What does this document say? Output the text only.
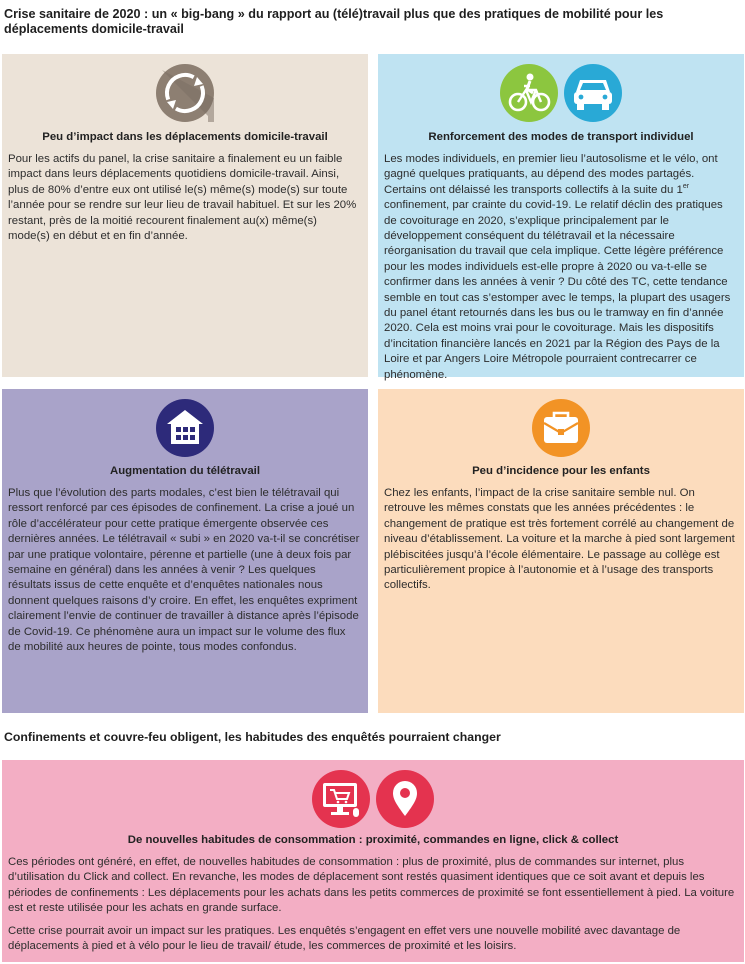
Crise sanitaire de 2020 : un « big-bang » du rapport au (télé)travail plus que des pratiques de mobilité pour les déplacements domicile-travail
Peu d’impact dans les déplacements domicile-travail
Pour les actifs du panel, la crise sanitaire a finalement eu un faible impact dans leurs déplacements quotidiens domicile-travail. Ainsi, plus de 80% d’entre eux ont utilisé le(s) même(s) mode(s) sur toute l’année pour se rendre sur leur lieu de travail habituel. Et sur les 20% restant, près de la moitié recourent finalement au(x) même(s) mode(s) en début et en fin d’année.
Renforcement des modes de transport individuel
Les modes individuels, en premier lieu l’autosolisme et le vélo, ont gagné quelques pratiquants, au dépend des modes partagés. Certains ont délaissé les transports collectifs à la suite du 1er confinement, par crainte du covid-19. Le relatif déclin des pratiques de covoiturage en 2020, s’explique principalement par le développement conséquent du télétravail et la nécessaire réorganisation du travail que cela implique. Cette légère préférence pour les modes individuels est-elle propre à 2020 ou va-t-elle se confirmer dans les années à venir ? Du côté des TC, cette tendance semble en tout cas s’estomper avec le temps, la plupart des usagers du panel étant retournés dans les bus ou le tramway en fin d’année 2020. Cela est moins vrai pour le covoiturage. Mais les dispositifs d’incitation financière lancés en 2021 par la Région des Pays de la Loire et par Angers Loire Métropole pourraient contrecarrer ce phénomène.
Augmentation du télétravail
Plus que l’évolution des parts modales, c’est bien le télétravail qui ressort renforcé par ces épisodes de confinement. La crise a joué un rôle d’accélérateur pour cette pratique émergente observée ces dernières années. Le télétravail « subi » en 2020 va-t-il se concrétiser par une pratique volontaire, pérenne et partielle (une à deux fois par semaine en général) dans les années à venir ? Les quelques résultats issus de cette enquête et d’enquêtes nationales nous donnent quelques raisons d’y croire. En effet, les enquêtes expriment clairement l’envie de continuer de travailler à distance après l’épisode de Covid-19. Ce phénomène aura un impact sur le volume des flux de mobilité aux heures de pointe, tous modes confondus.
Peu d’incidence pour les enfants
Chez les enfants, l’impact de la crise sanitaire semble nul. On retrouve les mêmes constats que les années précédentes : le changement de pratique est très fortement corrélé au changement de niveau d’établissement. La voiture et la marche à pied sont largement plébiscitées jusqu’à l’école élémentaire. Le passage au collège est particulièrement propice à l’autonomie et à l’usage des transports collectifs.
Confinements et couvre-feu obligent, les habitudes des enquêtés pourraient changer
De nouvelles habitudes de consommation : proximité, commandes en ligne, click & collect

Ces périodes ont généré, en effet, de nouvelles habitudes de consommation : plus de proximité, plus de commandes sur internet, plus d’utilisation du Click and collect. En revanche, les modes de déplacement sont restés quasiment identiques que ce soit avant et depuis les périodes de confinements : Les déplacements pour les achats dans les petits commerces de proximité se font essentiellement à pied. La voiture est et reste utilisée pour les achats en grande surface.

Cette crise pourrait avoir un impact sur les pratiques. Les enquêtés s’engagent en effet vers une nouvelle mobilité avec davantage de déplacements à pied et à vélo pour le lieu de travail/ étude, les commerces de proximité et les loisirs.
